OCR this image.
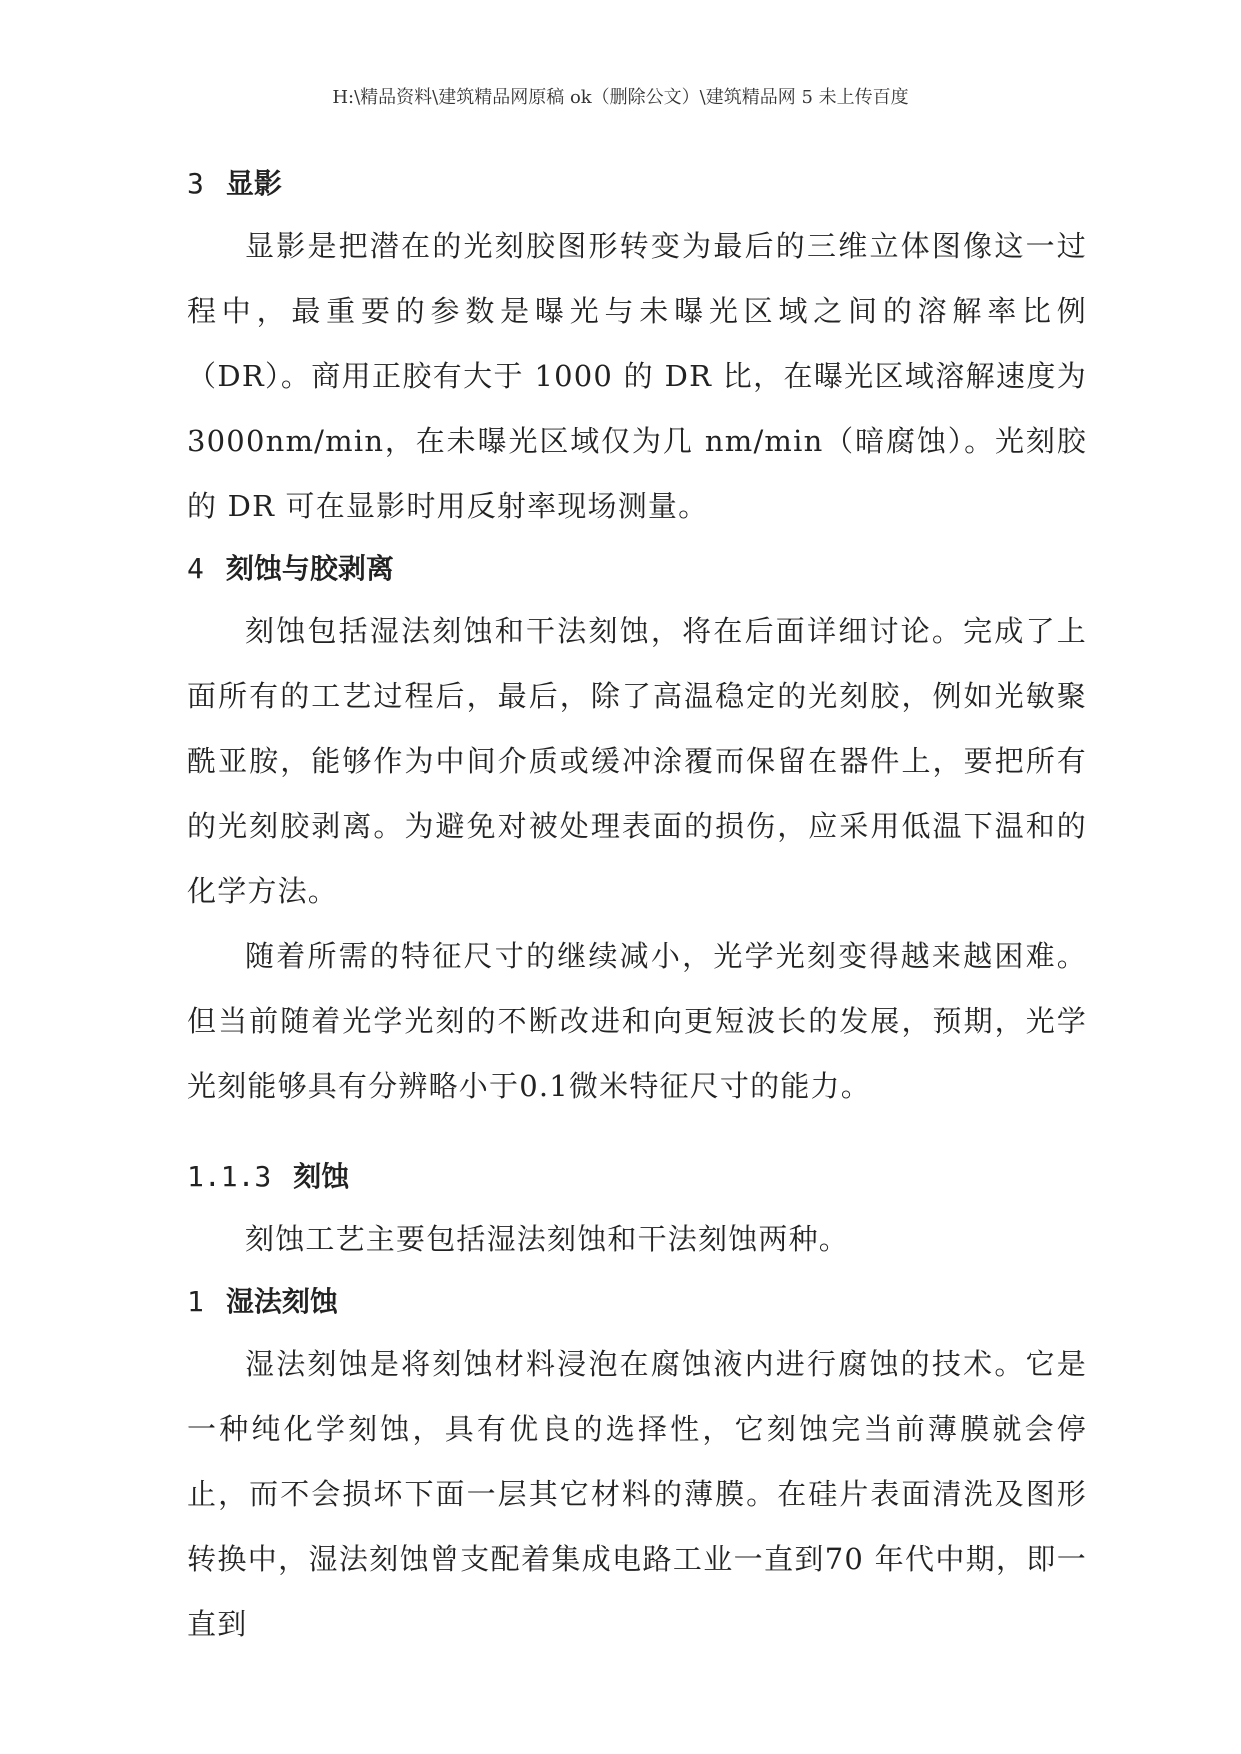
H:\精品资料\建筑精品网原稿 ok（删除公文）\建筑精品网 5 未上传百度
3 显影

显影是把潜在的光刻胶图形转变为最后的三维立体图像这一过程中，最重要的参数是曝光与未曝光区域之间的溶解率比例（DR）。商用正胶有大于 1000 的 DR 比，在曝光区域溶解速度为 3000nm/min，在未曝光区域仅为几 nm/min（暗腐蚀）。光刻胶的 DR 可在显影时用反射率现场测量。

4 刻蚀与胶剥离

刻蚀包括湿法刻蚀和干法刻蚀，将在后面详细讨论。完成了上面所有的工艺过程后，最后，除了高温稳定的光刻胶，例如光敏聚酰亚胺，能够作为中间介质或缓冲涂覆而保留在器件上，要把所有的光刻胶剥离。为避免对被处理表面的损伤，应采用低温下温和的化学方法。

随着所需的特征尺寸的继续减小，光学光刻变得越来越困难。但当前随着光学光刻的不断改进和向更短波长的发展，预期，光学光刻能够具有分辨略小于0.1微米特征尺寸的能力。

1.1.3 刻蚀

刻蚀工艺主要包括湿法刻蚀和干法刻蚀两种。

1 湿法刻蚀

湿法刻蚀是将刻蚀材料浸泡在腐蚀液内进行腐蚀的技术。它是一种纯化学刻蚀，具有优良的选择性，它刻蚀完当前薄膜就会停止，而不会损坏下面一层其它材料的薄膜。在硅片表面清洗及图形转换中，湿法刻蚀曾支配着集成电路工业一直到70 年代中期，即一直到
